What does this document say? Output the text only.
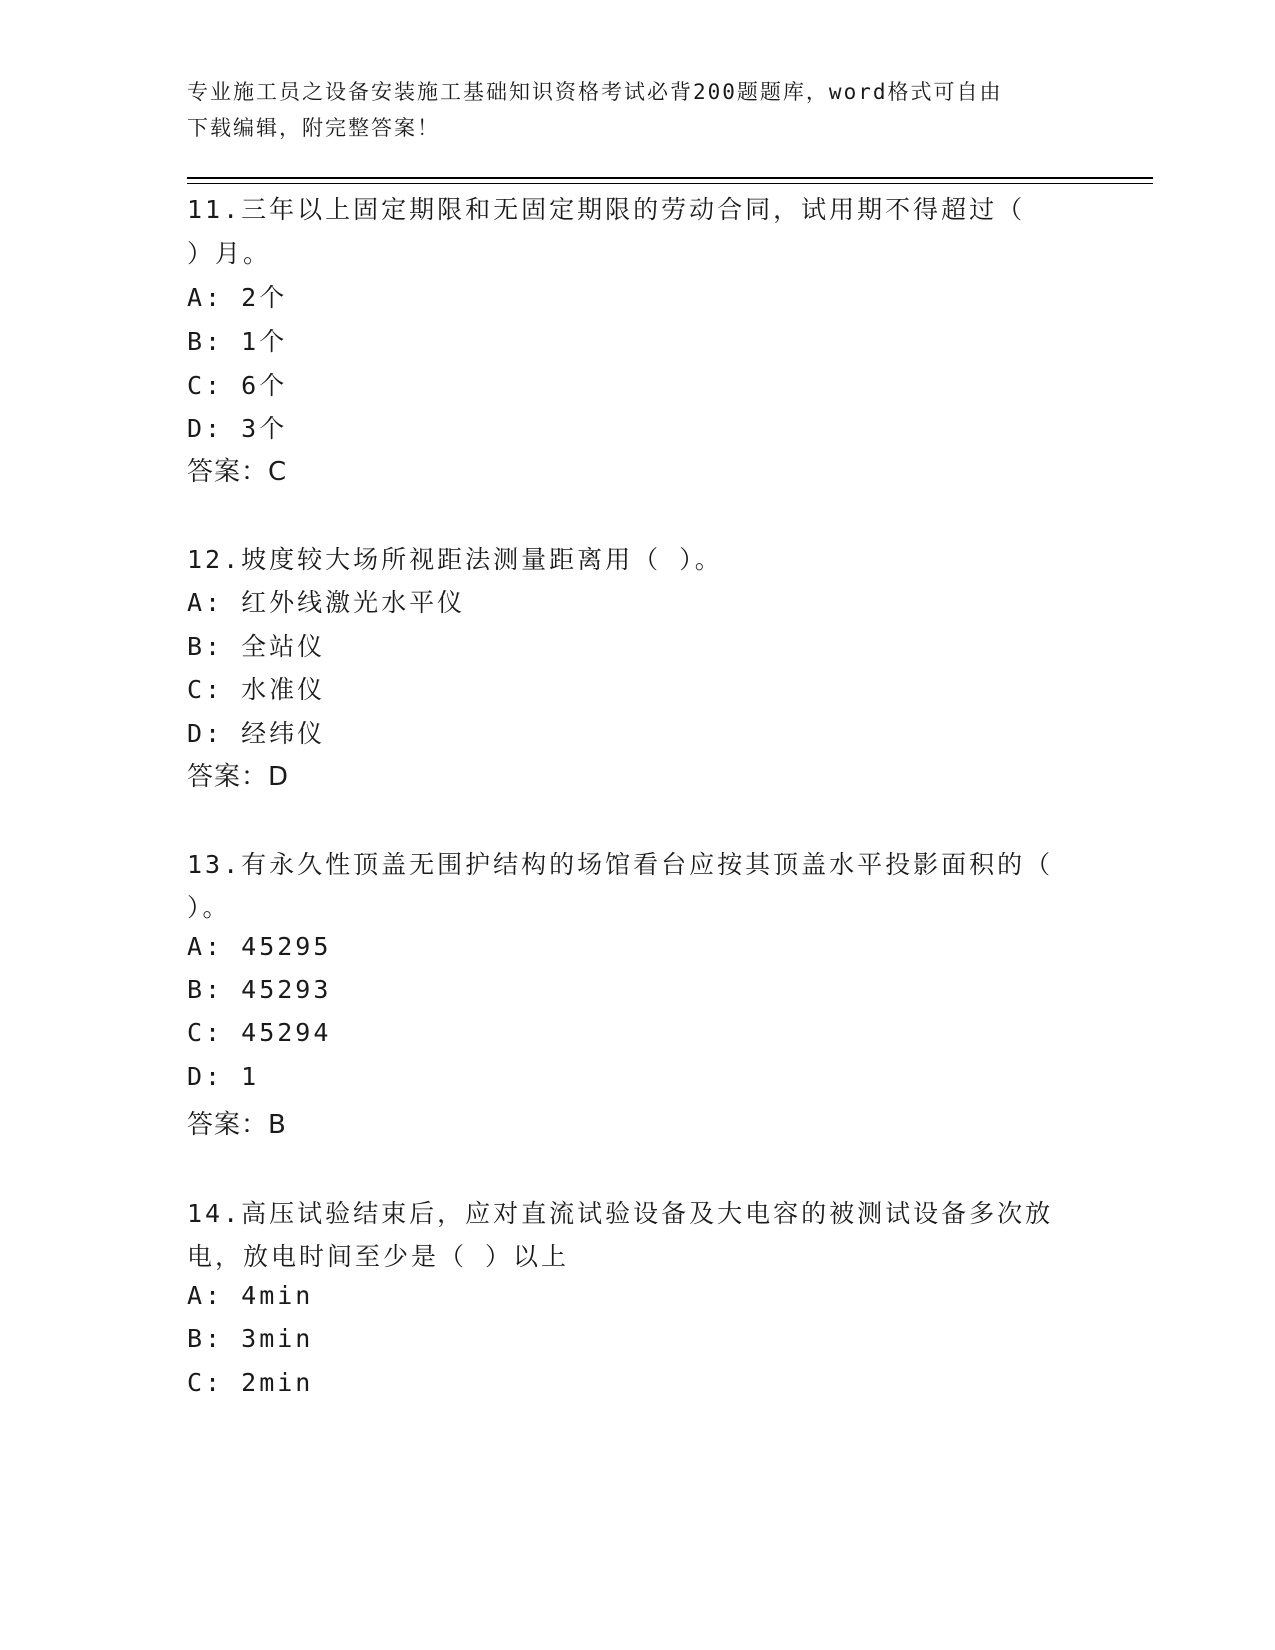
专业施工员之设备安装施工基础知识资格考试必背200题题库，word格式可自由
下载编辑，附完整答案！
11.三年以上固定期限和无固定期限的劳动合同，试用期不得超过（
）月。
A: 2个
B: 1个
C: 6个
D: 3个
答案：C
12.坡度较大场所视距法测量距离用（ ）。
A: 红外线激光水平仪
B: 全站仪
C: 水准仪
D: 经纬仪
答案：D
13.有永久性顶盖无围护结构的场馆看台应按其顶盖水平投影面积的（
）。
A: 45295
B: 45293
C: 45294
D: 1
答案：B
14.高压试验结束后，应对直流试验设备及大电容的被测试设备多次放
电，放电时间至少是（ ）以上
A: 4min
B: 3min
C: 2min
